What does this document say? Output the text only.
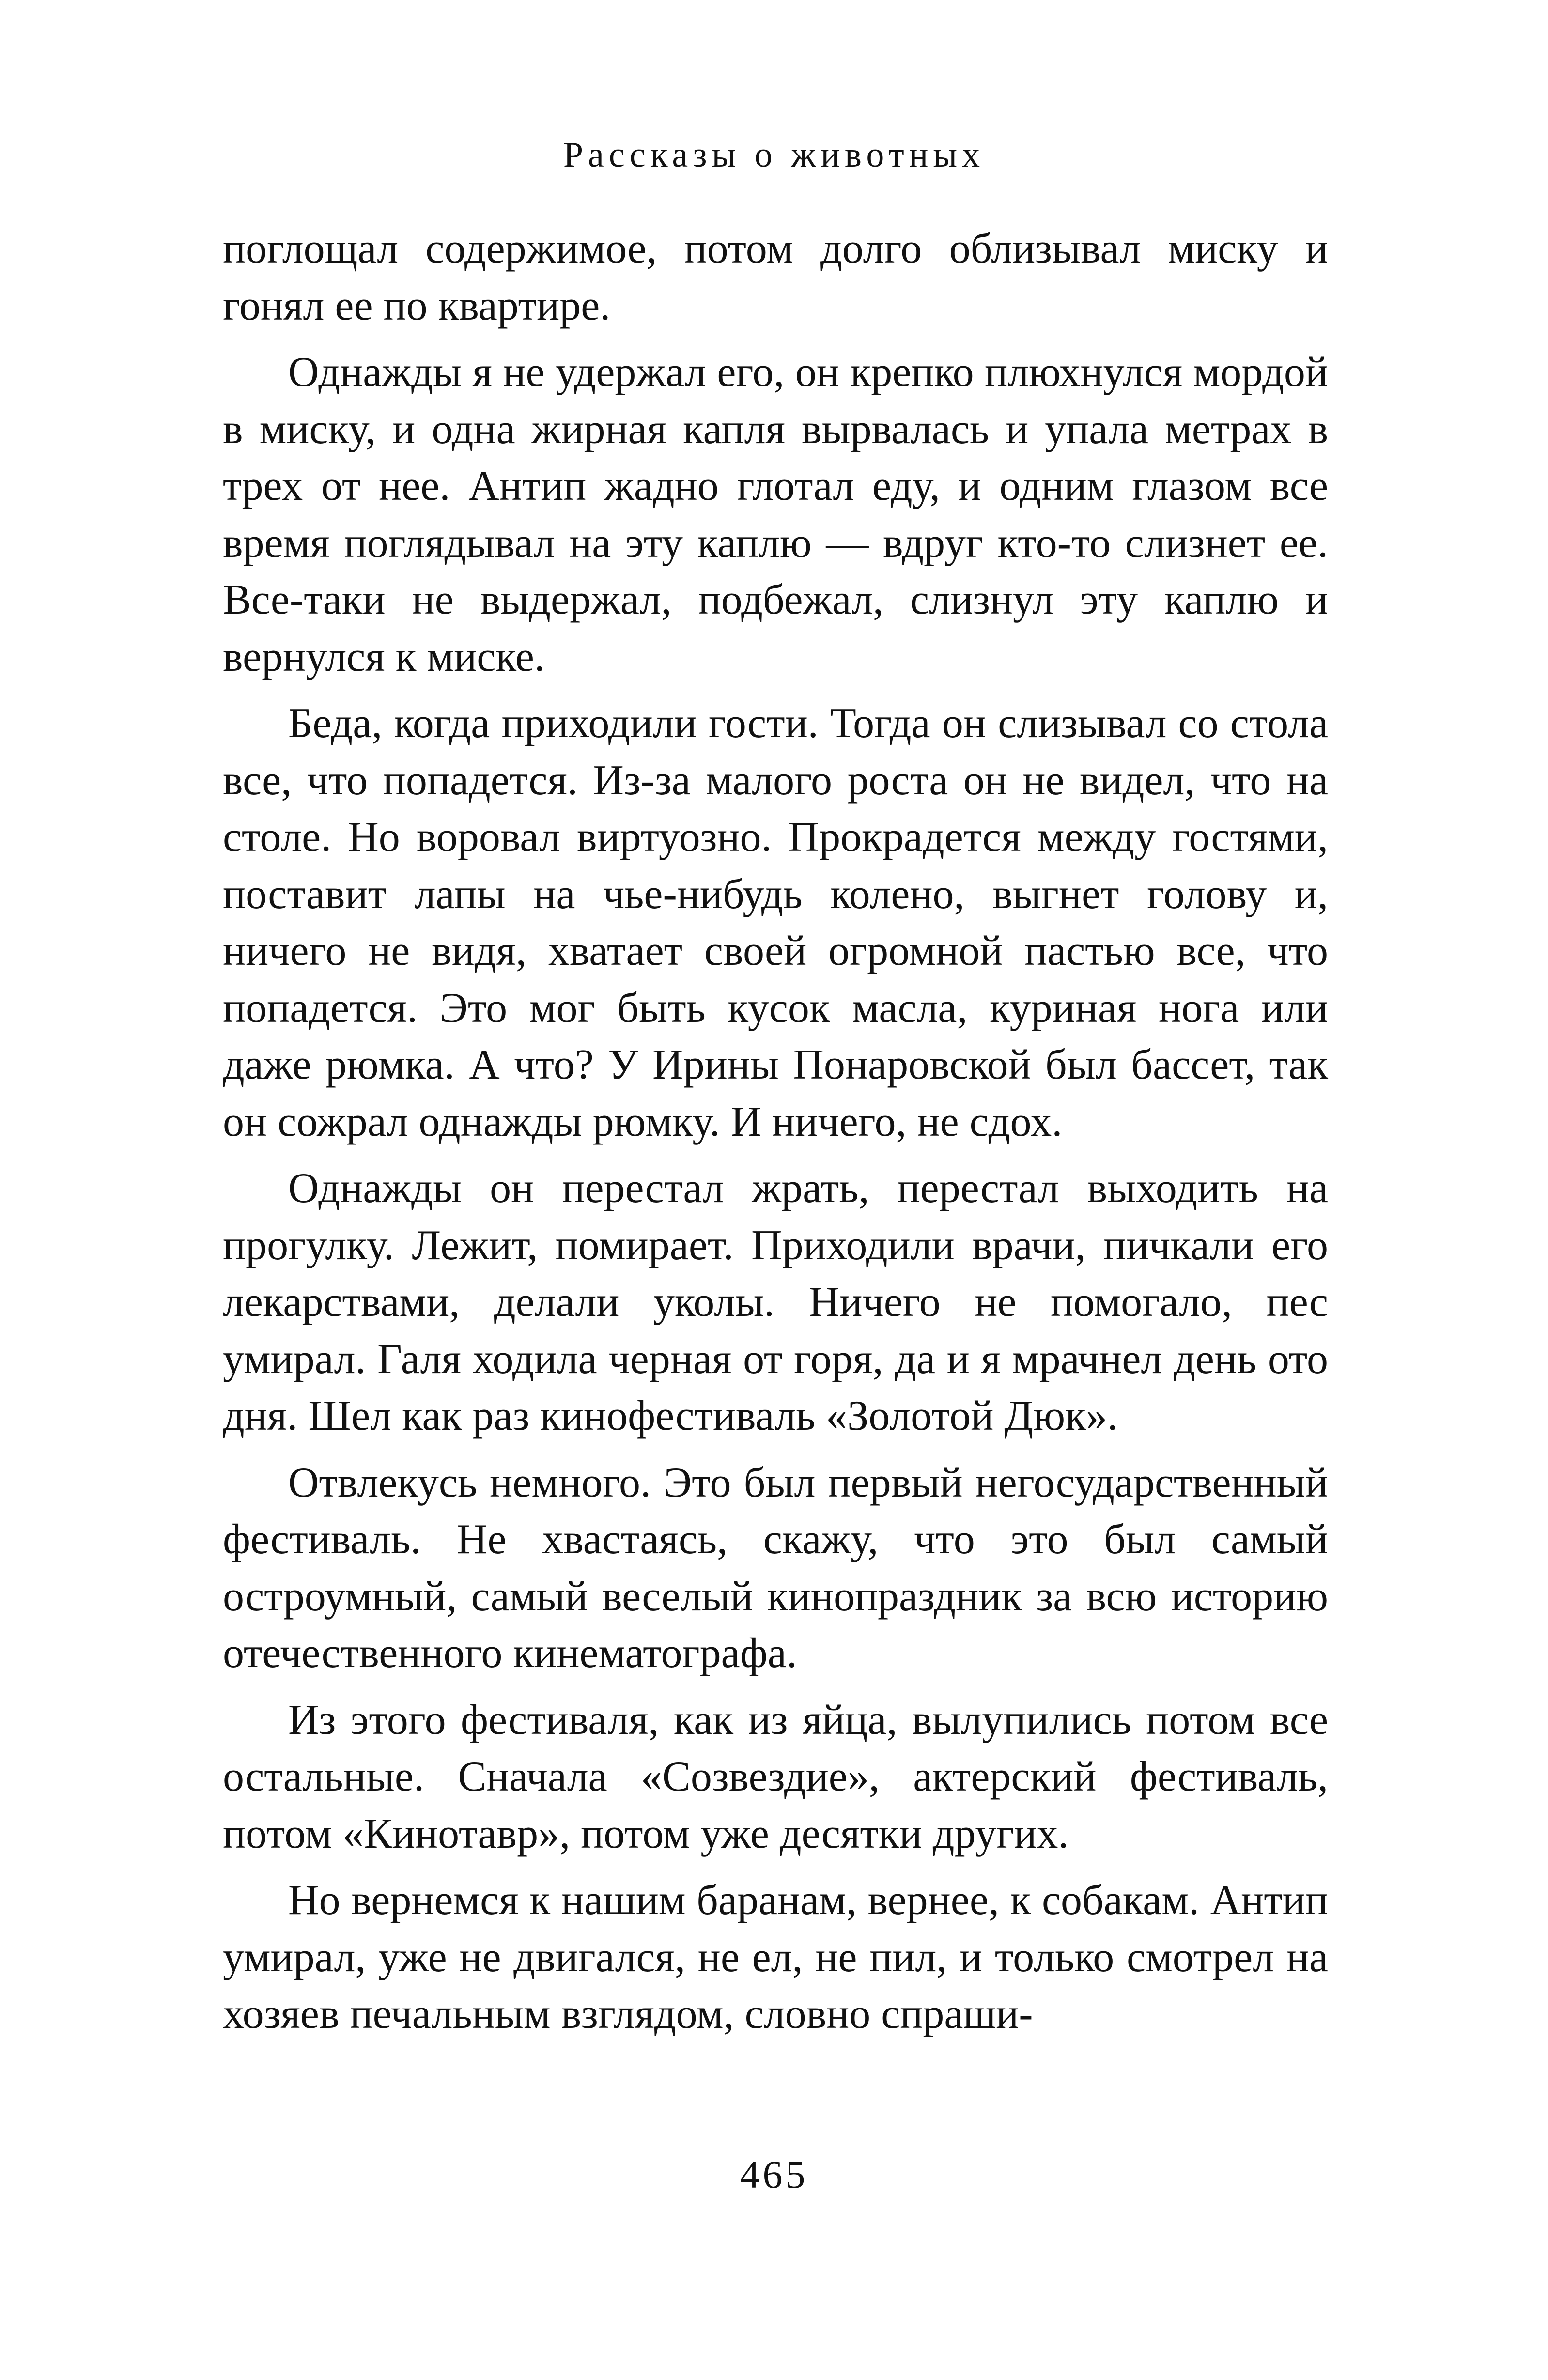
Рассказы о животных

поглощал содержимое, потом долго облизывал миску и гонял ее по квартире.

Однажды я не удержал его, он крепко плюхнулся мордой в миску, и одна жирная капля вырвалась и упала метрах в трех от нее. Антип жадно глотал еду, и одним глазом все время поглядывал на эту каплю — вдруг кто-то слизнет ее. Все-таки не выдержал, подбежал, слизнул эту каплю и вернулся к миске.

Беда, когда приходили гости. Тогда он слизывал со стола все, что попадется. Из-за малого роста он не видел, что на столе. Но воровал виртуозно. Прокрадется между гостями, поставит лапы на чье-нибудь колено, выгнет голову и, ничего не видя, хватает своей огромной пастью все, что попадется. Это мог быть кусок масла, куриная нога или даже рюмка. А что? У Ирины Понаровской был бассет, так он сожрал однажды рюмку. И ничего, не сдох.

Однажды он перестал жрать, перестал выходить на прогулку. Лежит, помирает. Приходили врачи, пичкали его лекарствами, делали уколы. Ничего не помогало, пес умирал. Галя ходила черная от горя, да и я мрачнел день ото дня. Шел как раз кинофестиваль «Золотой Дюк».

Отвлекусь немного. Это был первый негосударственный фестиваль. Не хвастаясь, скажу, что это был самый остроумный, самый веселый кинопраздник за всю историю отечественного кинематографа.

Из этого фестиваля, как из яйца, вылупились потом все остальные. Сначала «Созвездие», актерский фестиваль, потом «Кинотавр», потом уже десятки других.

Но вернемся к нашим баранам, вернее, к собакам. Антип умирал, уже не двигался, не ел, не пил, и только смотрел на хозяев печальным взглядом, словно спраши-

465
